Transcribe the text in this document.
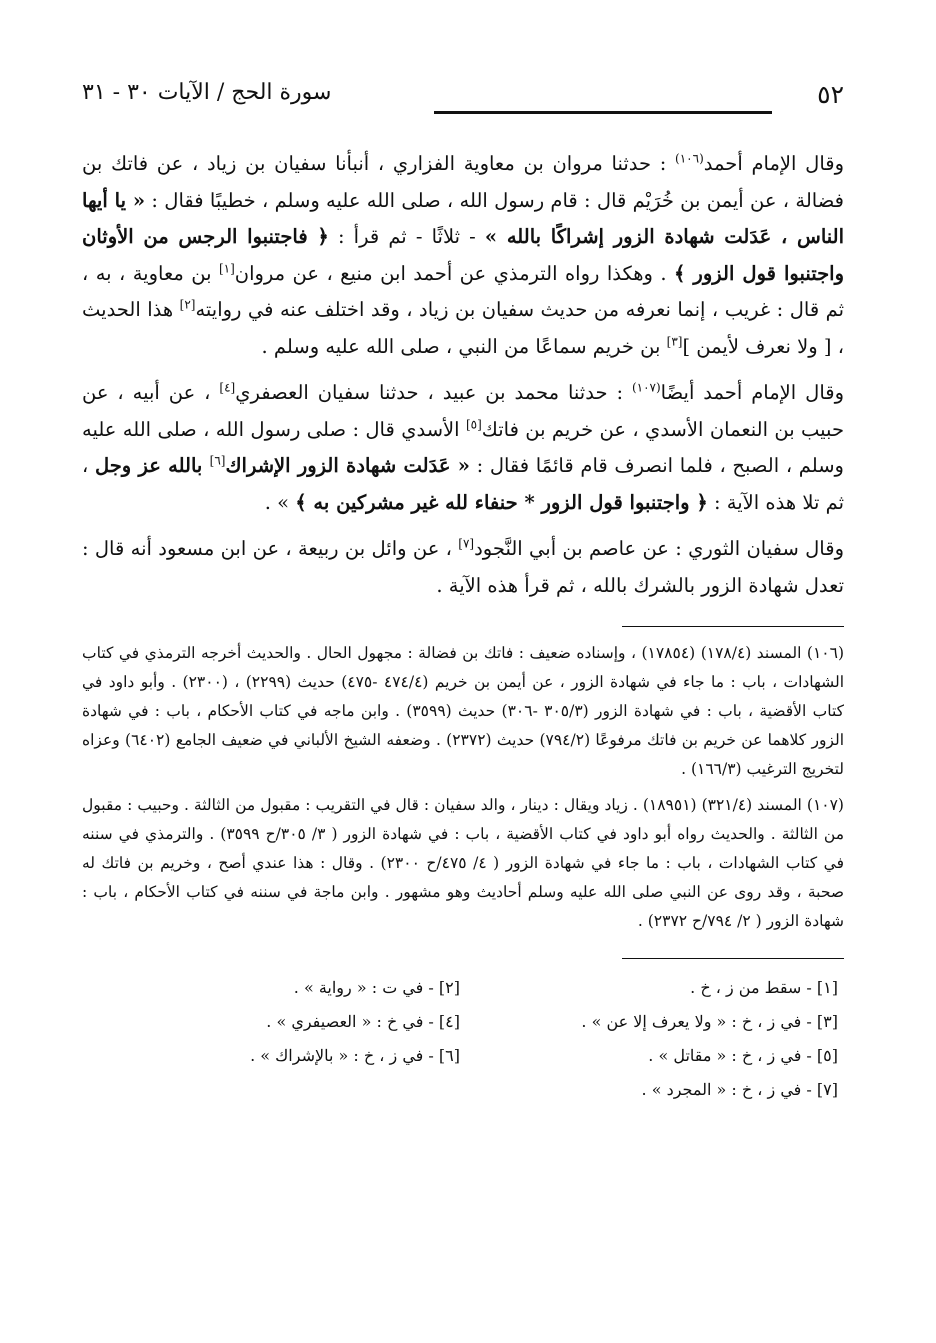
٥٢
سورة الحج / الآيات ٣٠ - ٣١

وقال الإمام أحمد$^{(١٠٦)}$ : حدثنا مروان بن معاوية الفزاري ، أنبأنا سفيان بن زياد ، عن فاتك بن فضالة ، عن أيمن بن خُرَيْم قال : قام رسول الله ، صلى الله عليه وسلم ، خطيبًا فقال : « يا أيها الناس ، عَدَلت شهادة الزور إشراكًا بالله » - ثلاثًا - ثم قرأ : ﴿ فاجتنبوا الرجس من الأوثان واجتنبوا قول الزور ﴾ . وهكذا رواه الترمذي عن أحمد ابن منيع ، عن مروان[١] بن معاوية ، به ، ثم قال : غريب ، إنما نعرفه من حديث سفيان بن زياد ، وقد اختلف عنه في روايته[٢] هذا الحديث ، [ ولا نعرف لأيمن ][٣] بن خريم سماعًا من النبي ، صلى الله عليه وسلم .

وقال الإمام أحمد أيضًا$^{(١٠٧)}$ : حدثنا محمد بن عبيد ، حدثنا سفيان العصفري[٤] ، عن أبيه ، عن حبيب بن النعمان الأسدي ، عن خريم بن فاتك[٥] الأسدي قال : صلى رسول الله ، صلى الله عليه وسلم ، الصبح ، فلما انصرف قام قائمًا فقال : « عَدَلت شهادة الزور الإشراك[٦] بالله عز وجل ، ثم تلا هذه الآية : ﴿ واجتنبوا قول الزور * حنفاء لله غير مشركين به ﴾ » .

وقال سفيان الثوري : عن عاصم بن أبي النَّجود[٧] ، عن وائل بن ربيعة ، عن ابن مسعود أنه قال : تعدل شهادة الزور بالشرك بالله ، ثم قرأ هذه الآية .

(١٠٦) المسند (١٧٨/٤) (١٧٨٥٤) ، وإسناده ضعيف : فاتك بن فضالة : مجهول الحال . والحديث أخرجه الترمذي في كتاب الشهادات ، باب : ما جاء في شهادة الزور ، عن أيمن بن خريم (٤٧٤/٤ -٤٧٥) حديث (٢٢٩٩) ، (٢٣٠٠) . وأبو داود في كتاب الأقضية ، باب : في شهادة الزور (٣٠٥/٣ -٣٠٦) حديث (٣٥٩٩) . وابن ماجه في كتاب الأحكام ، باب : في شهادة الزور كلاهما عن خريم بن فاتك مرفوعًا (٧٩٤/٢) حديث (٢٣٧٢) . وضعفه الشيخ الألباني في ضعيف الجامع (٦٤٠٢) وعزاه لتخريج الترغيب (١٦٦/٣) .

(١٠٧) المسند (٣٢١/٤) (١٨٩٥١) . زياد ويقال : دينار ، والد سفيان : قال في التقريب : مقبول من الثالثة . وحبيب : مقبول من الثالثة . والحديث رواه أبو داود في كتاب الأقضية ، باب : في شهادة الزور ( ٣/ ٣٠٥/ح ٣٥٩٩) . والترمذي في سننه في كتاب الشهادات ، باب : ما جاء في شهادة الزور ( ٤/ ٤٧٥/ح ٢٣٠٠) . وقال : هذا عندي أصح ، وخريم بن فاتك له صحبة ، وقد روى عن النبي صلى الله عليه وسلم أحاديث وهو مشهور . وابن ماجة في سننه في كتاب الأحكام ، باب : شهادة الزور ( ٢/ ٧٩٤/ح ٢٣٧٢) .

[١] - سقط من ز ، خ .
[٢] - في ت : « رواية » .
[٣] - في ز ، خ : « ولا يعرف إلا عن » .
[٤] - في خ : « العصيفري » .
[٥] - في ز ، خ : « مقاتل » .
[٦] - في ز ، خ : « بالإشراك » .
[٧] - في ز ، خ : « المجرد » .
